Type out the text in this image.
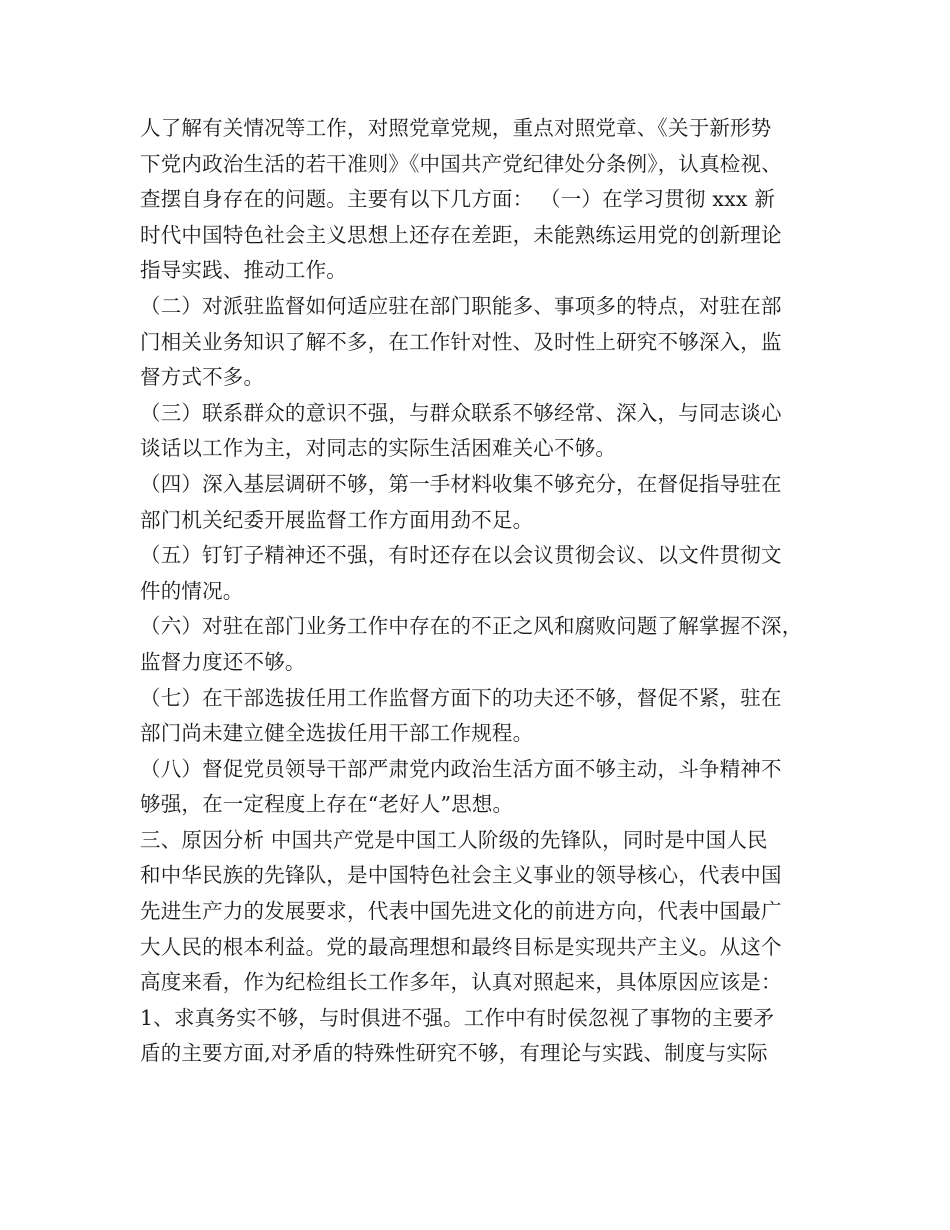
人了解有关情况等工作，对照党章党规，重点对照党章、《关于新形势
下党内政治生活的若干准则》《中国共产党纪律处分条例》，认真检视、
查摆自身存在的问题。主要有以下几方面： （一）在学习贯彻 xxx 新
时代中国特色社会主义思想上还存在差距，未能熟练运用党的创新理论
指导实践、推动工作。
（二）对派驻监督如何适应驻在部门职能多、事项多的特点，对驻在部
门相关业务知识了解不多，在工作针对性、及时性上研究不够深入，监
督方式不多。
（三）联系群众的意识不强，与群众联系不够经常、深入，与同志谈心
谈话以工作为主，对同志的实际生活困难关心不够。
（四）深入基层调研不够，第一手材料收集不够充分，在督促指导驻在
部门机关纪委开展监督工作方面用劲不足。
（五）钉钉子精神还不强，有时还存在以会议贯彻会议、以文件贯彻文
件的情况。
（六）对驻在部门业务工作中存在的不正之风和腐败问题了解掌握不深，
监督力度还不够。
（七）在干部选拔任用工作监督方面下的功夫还不够，督促不紧，驻在
部门尚未建立健全选拔任用干部工作规程。
（八）督促党员领导干部严肃党内政治生活方面不够主动，斗争精神不
够强，在一定程度上存在“老好人”思想。
三、原因分析 中国共产党是中国工人阶级的先锋队，同时是中国人民
和中华民族的先锋队，是中国特色社会主义事业的领导核心，代表中国
先进生产力的发展要求，代表中国先进文化的前进方向，代表中国最广
大人民的根本利益。党的最高理想和最终目标是实现共产主义。从这个
高度来看，作为纪检组长工作多年，认真对照起来，具体原因应该是：
1、求真务实不够，与时俱进不强。工作中有时侯忽视了事物的主要矛
盾的主要方面,对矛盾的特殊性研究不够，有理论与实践、制度与实际
